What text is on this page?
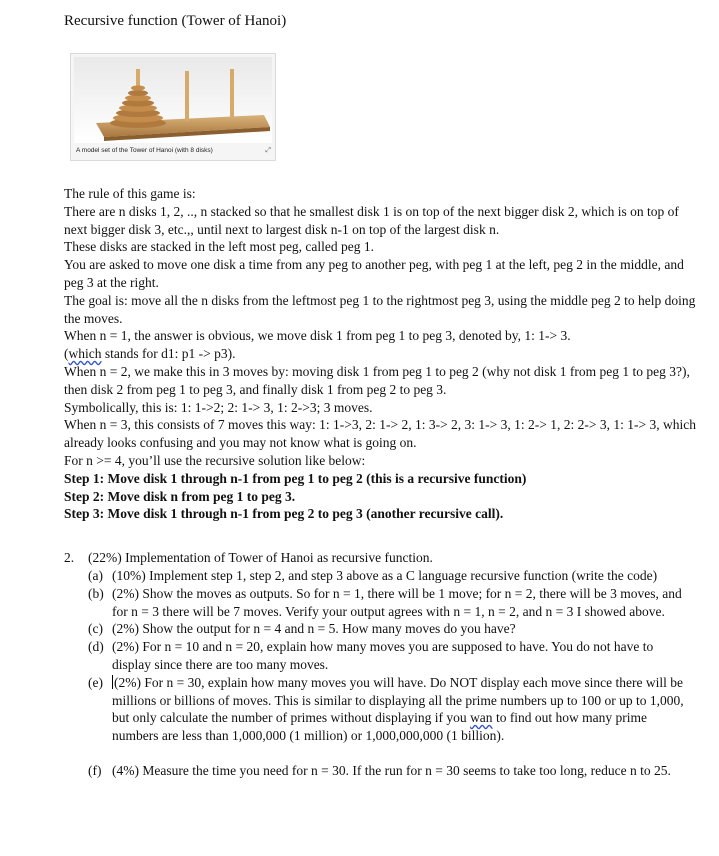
Recursive function (Tower of Hanoi)
A model set of the Tower of Hanoi (with 8 disks)	⤢

The rule of this game is:

There are n disks 1, 2, .., n stacked so that he smallest disk 1 is on top of the next bigger disk 2, which is on top of next bigger disk 3, etc.,, until next to largest disk n-1 on top of the largest disk n.

These disks are stacked in the left most peg, called peg 1.

You are asked to move one disk a time from any peg to another peg, with peg 1 at the left, peg 2 in the middle, and peg 3 at the right.

The goal is: move all the n disks from the leftmost peg 1 to the rightmost peg 3, using the middle peg 2 to help doing the moves.

When n = 1, the answer is obvious, we move disk 1 from peg 1 to peg 3, denoted by, 1: 1-> 3.

(which stands for d1: p1 -> p3).

When n = 2, we make this in 3 moves by: moving disk 1 from peg 1 to peg 2 (why not disk 1 from peg 1 to peg 3?), then disk 2 from peg 1 to peg 3, and finally disk 1 from peg 2 to peg 3.

Symbolically, this is: 1: 1->2; 2: 1-> 3, 1: 2->3; 3 moves.

When n = 3, this consists of 7 moves this way: 1: 1->3, 2: 1-> 2, 1: 3-> 2, 3: 1-> 3, 1: 2-> 1, 2: 2-> 3, 1: 1-> 3, which already looks confusing and you may not know what is going on.

For n >= 4, you’ll use the recursive solution like below:

Step 1: Move disk 1 through n-1 from peg 1 to peg 2 (this is a recursive function)

Step 2: Move disk n from peg 1 to peg 3.

Step 3: Move disk 1 through n-1 from peg 2 to peg 3 (another recursive call).

2. (22%) Implementation of Tower of Hanoi as recursive function.
(a) (10%) Implement step 1, step 2, and step 3 above as a C language recursive function (write the code)
(b) (2%) Show the moves as outputs. So for n = 1, there will be 1 move; for n = 2, there will be 3 moves, and for n = 3 there will be 7 moves. Verify your output agrees with n = 1, n = 2, and n = 3 I showed above.
(c) (2%) Show the output for n = 4 and n = 5. How many moves do you have?
(d) (2%) For n = 10 and n = 20, explain how many moves you are supposed to have. You do not have to display since there are too many moves.
(e) (2%) For n = 30, explain how many moves you will have. Do NOT display each move since there will be millions or billions of moves. This is similar to displaying all the prime numbers up to 100 or up to 1,000, but only calculate the number of primes without displaying if you wan to find out how many prime numbers are less than 1,000,000 (1 million) or 1,000,000,000 (1 billion).
(f) (4%) Measure the time you need for n = 30. If the run for n = 30 seems to take too long, reduce n to 25.
